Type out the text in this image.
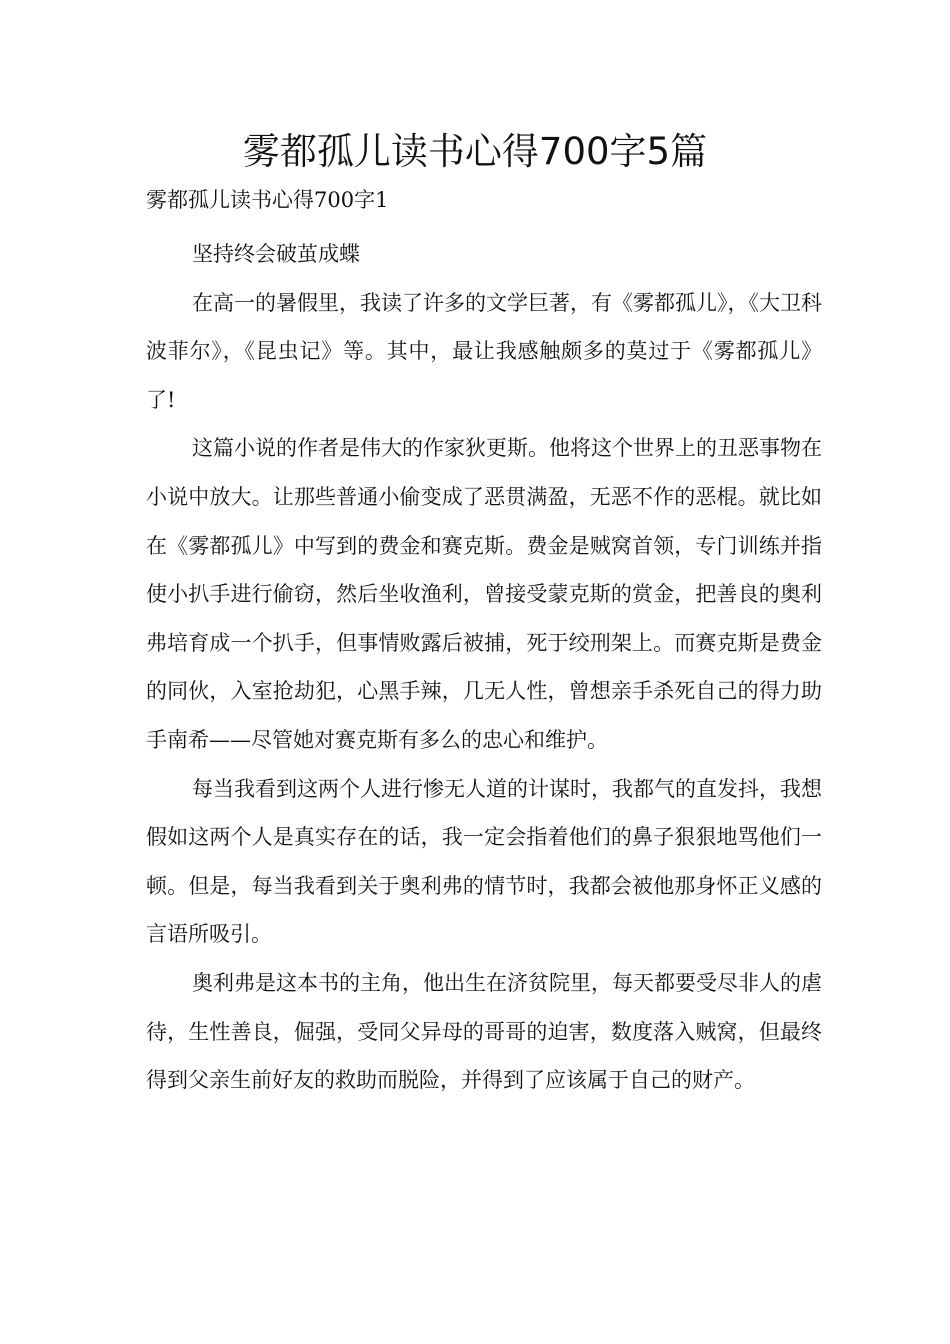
雾都孤儿读书心得700字5篇
雾都孤儿读书心得700字1

坚持终会破茧成蝶

在高一的暑假里，我读了许多的文学巨著，有《雾都孤儿》，《大卫科波菲尔》，《昆虫记》等。其中，最让我感触颇多的莫过于《雾都孤儿》了!

这篇小说的作者是伟大的作家狄更斯。他将这个世界上的丑恶事物在小说中放大。让那些普通小偷变成了恶贯满盈，无恶不作的恶棍。就比如在《雾都孤儿》中写到的费金和赛克斯。费金是贼窝首领，专门训练并指使小扒手进行偷窃，然后坐收渔利，曾接受蒙克斯的赏金，把善良的奥利弗培育成一个扒手，但事情败露后被捕，死于绞刑架上。而赛克斯是费金的同伙，入室抢劫犯，心黑手辣，几无人性，曾想亲手杀死自己的得力助手南希——尽管她对赛克斯有多么的忠心和维护。

每当我看到这两个人进行惨无人道的计谋时，我都气的直发抖，我想假如这两个人是真实存在的话，我一定会指着他们的鼻子狠狠地骂他们一顿。但是，每当我看到关于奥利弗的情节时，我都会被他那身怀正义感的言语所吸引。

奥利弗是这本书的主角，他出生在济贫院里，每天都要受尽非人的虐待，生性善良，倔强，受同父异母的哥哥的迫害，数度落入贼窝，但最终得到父亲生前好友的救助而脱险，并得到了应该属于自己的财产。
